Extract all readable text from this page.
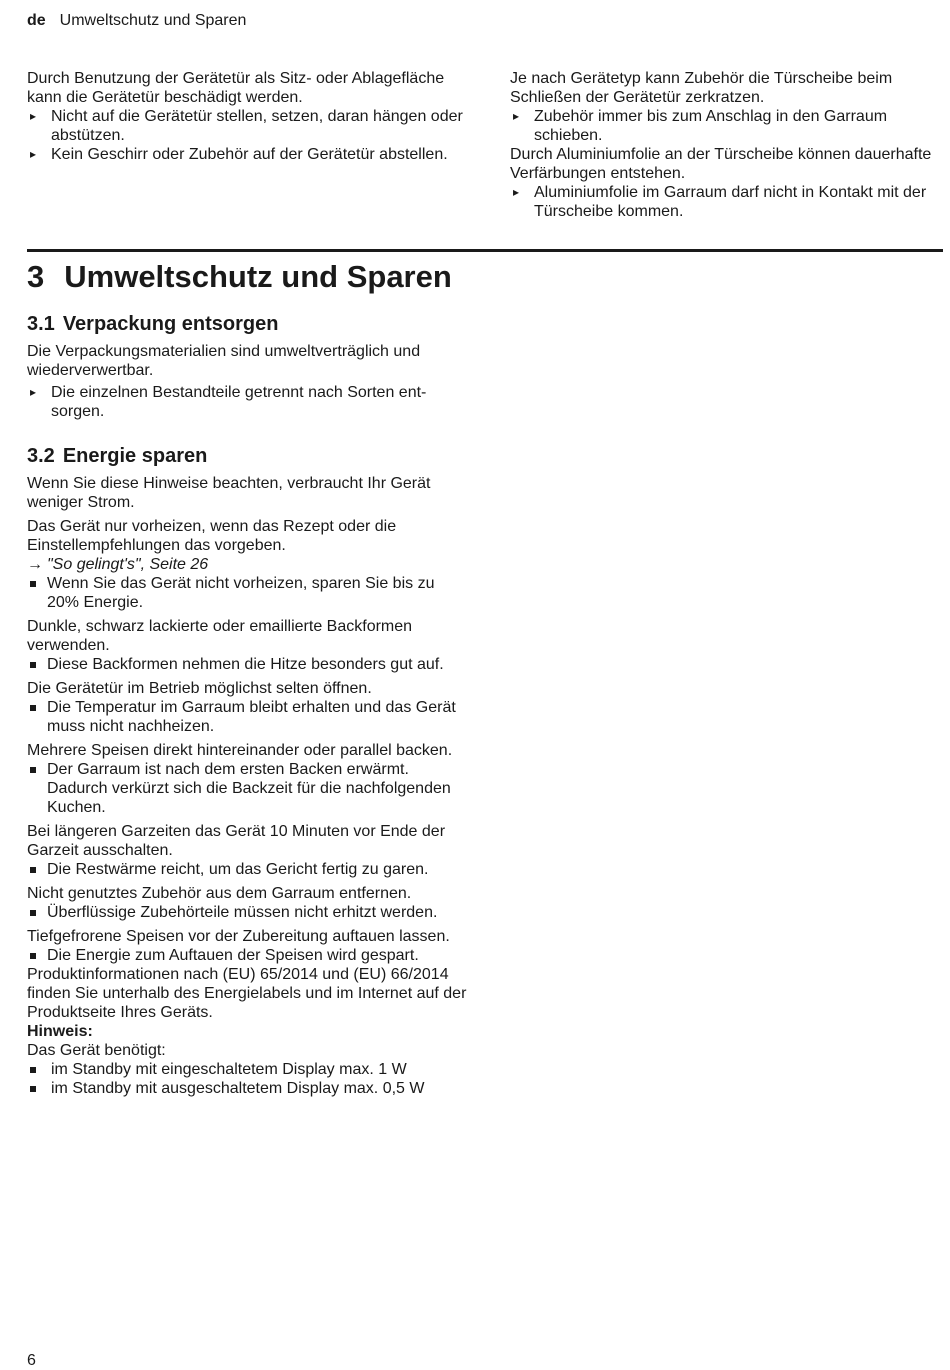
de Umweltschutz und Sparen

Durch Benutzung der Gerätetür als Sitz- oder Ablagefläche kann die Gerätetür beschädigt werden.

▸ Nicht auf die Gerätetür stellen, setzen, daran hängen oder abstützen.

▸ Kein Geschirr oder Zubehör auf der Gerätetür abstellen.

Je nach Gerätetyp kann Zubehör die Türscheibe beim Schließen der Gerätetür zerkratzen.

▸ Zubehör immer bis zum Anschlag in den Garraum schieben.

Durch Aluminiumfolie an der Türscheibe können dauerhafte Verfärbungen entstehen.

▸ Aluminiumfolie im Garraum darf nicht in Kontakt mit der Türscheibe kommen.

3 Umweltschutz und Sparen
3.1 Verpackung entsorgen

Die Verpackungsmaterialien sind umweltverträglich und wiederverwertbar.

▸ Die einzelnen Bestandteile getrennt nach Sorten entsorgen.

3.2 Energie sparen

Wenn Sie diese Hinweise beachten, verbraucht Ihr Gerät weniger Strom.

Das Gerät nur vorheizen, wenn das Rezept oder die Einstellempfehlungen das vorgeben.

→ "So gelingt's", Seite 26

Wenn Sie das Gerät nicht vorheizen, sparen Sie bis zu 20% Energie.

Dunkle, schwarz lackierte oder emaillierte Backformen verwenden.

Diese Backformen nehmen die Hitze besonders gut auf.

Die Gerätetür im Betrieb möglichst selten öffnen.

Die Temperatur im Garraum bleibt erhalten und das Gerät muss nicht nachheizen.

Mehrere Speisen direkt hintereinander oder parallel backen.

Der Garraum ist nach dem ersten Backen erwärmt. Dadurch verkürzt sich die Backzeit für die nachfolgenden Kuchen.

Bei längeren Garzeiten das Gerät 10 Minuten vor Ende der Garzeit ausschalten.

Die Restwärme reicht, um das Gericht fertig zu garen.

Nicht genutztes Zubehör aus dem Garraum entfernen.

Überflüssige Zubehörteile müssen nicht erhitzt werden.

Tiefgefrorene Speisen vor der Zubereitung auftauen lassen.

Die Energie zum Auftauen der Speisen wird gespart.

Produktinformationen nach (EU) 65/2014 und (EU) 66/2014 finden Sie unterhalb des Energielabels und im Internet auf der Produktseite Ihres Geräts.

Hinweis:

Das Gerät benötigt:

im Standby mit eingeschaltetem Display max. 1 W

im Standby mit ausgeschaltetem Display max. 0,5 W

6
